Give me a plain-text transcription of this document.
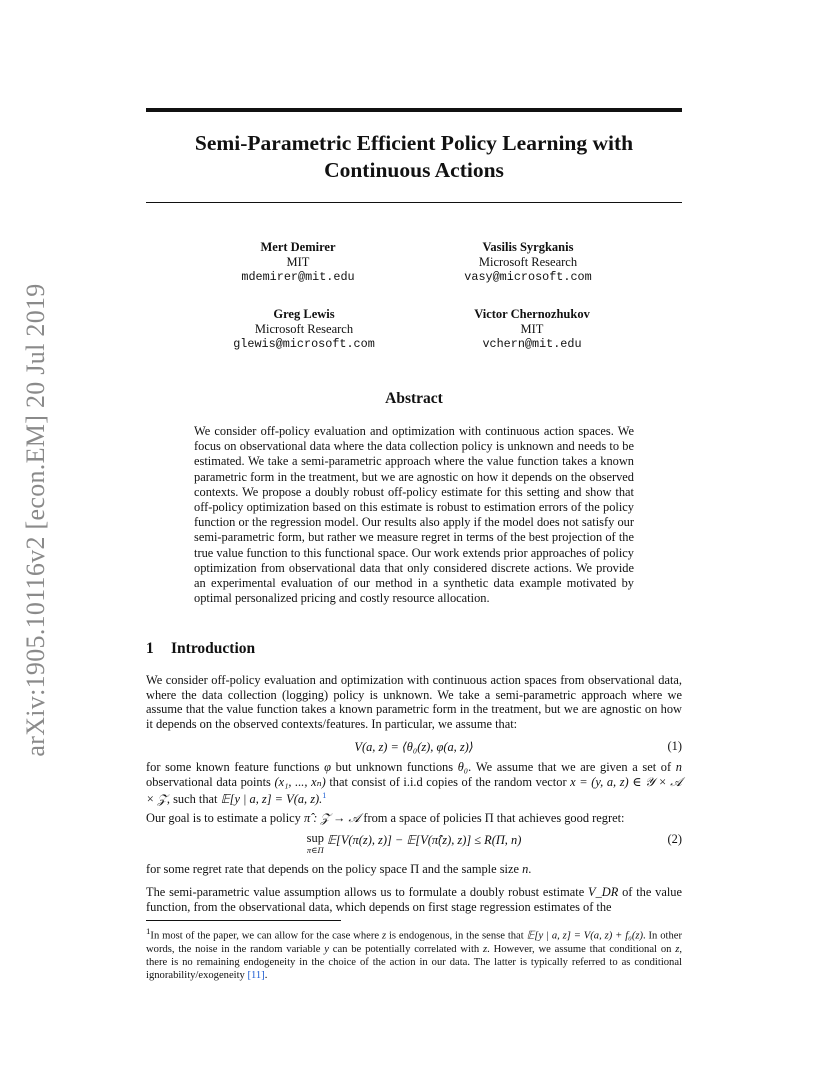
arXiv:1905.10116v2 [econ.EM] 20 Jul 2019
Semi-Parametric Efficient Policy Learning with
Continuous Actions
Mert Demirer
MIT
mdemirer@mit.edu
Vasilis Syrgkanis
Microsoft Research
vasy@microsoft.com
Greg Lewis
Microsoft Research
glewis@microsoft.com
Victor Chernozhukov
MIT
vchern@mit.edu
Abstract
We consider off-policy evaluation and optimization with continuous action spaces. We focus on observational data where the data collection policy is unknown and needs to be estimated. We take a semi-parametric approach where the value function takes a known parametric form in the treatment, but we are agnostic on how it depends on the observed contexts. We propose a doubly robust off-policy estimate for this setting and show that off-policy optimization based on this estimate is robust to estimation errors of the policy function or the regression model. Our results also apply if the model does not satisfy our semi-parametric form, but rather we measure regret in terms of the best projection of the true value function to this functional space. Our work extends prior approaches of policy optimization from observational data that only considered discrete actions. We provide an experimental evaluation of our method in a synthetic data example motivated by optimal personalized pricing and costly resource allocation.
1 Introduction

We consider off-policy evaluation and optimization with continuous action spaces from observational data, where the data collection (logging) policy is unknown. We take a semi-parametric approach where we assume that the value function takes a known parametric form in the treatment, but we are agnostic on how it depends on the observed contexts/features. In particular, we assume that:

V(a, z) = ⟨θ₀(z), φ(a, z)⟩	(1)

for some known feature functions φ but unknown functions θ₀. We assume that we are given a set of n observational data points (x₁, ..., xₙ) that consist of i.i.d copies of the random vector x = (y, a, z) ∈ 𝒴 × 𝒜 × 𝒵, such that 𝔼[y | a, z] = V(a, z).$^1$

Our goal is to estimate a policy π̂ : 𝒵 → 𝒜 from a space of policies Π that achieves good regret:

sup
π∈Π
𝔼[V(π(z), z)] − 𝔼[V(π̂(z), z)] ≤ R(Π, n)	(2)

for some regret rate that depends on the policy space Π and the sample size n.

The semi-parametric value assumption allows us to formulate a doubly robust estimate V_DR of the value function, from the observational data, which depends on first stage regression estimates of the

$^1$In most of the paper, we can allow for the case where z is endogenous, in the sense that 𝔼[y | a, z] = V(a, z) + f₀(z). In other words, the noise in the random variable y can be potentially correlated with z. However, we assume that conditional on z, there is no remaining endogeneity in the choice of the action in our data. The latter is typically referred to as conditional ignorability/exogeneity [11].
